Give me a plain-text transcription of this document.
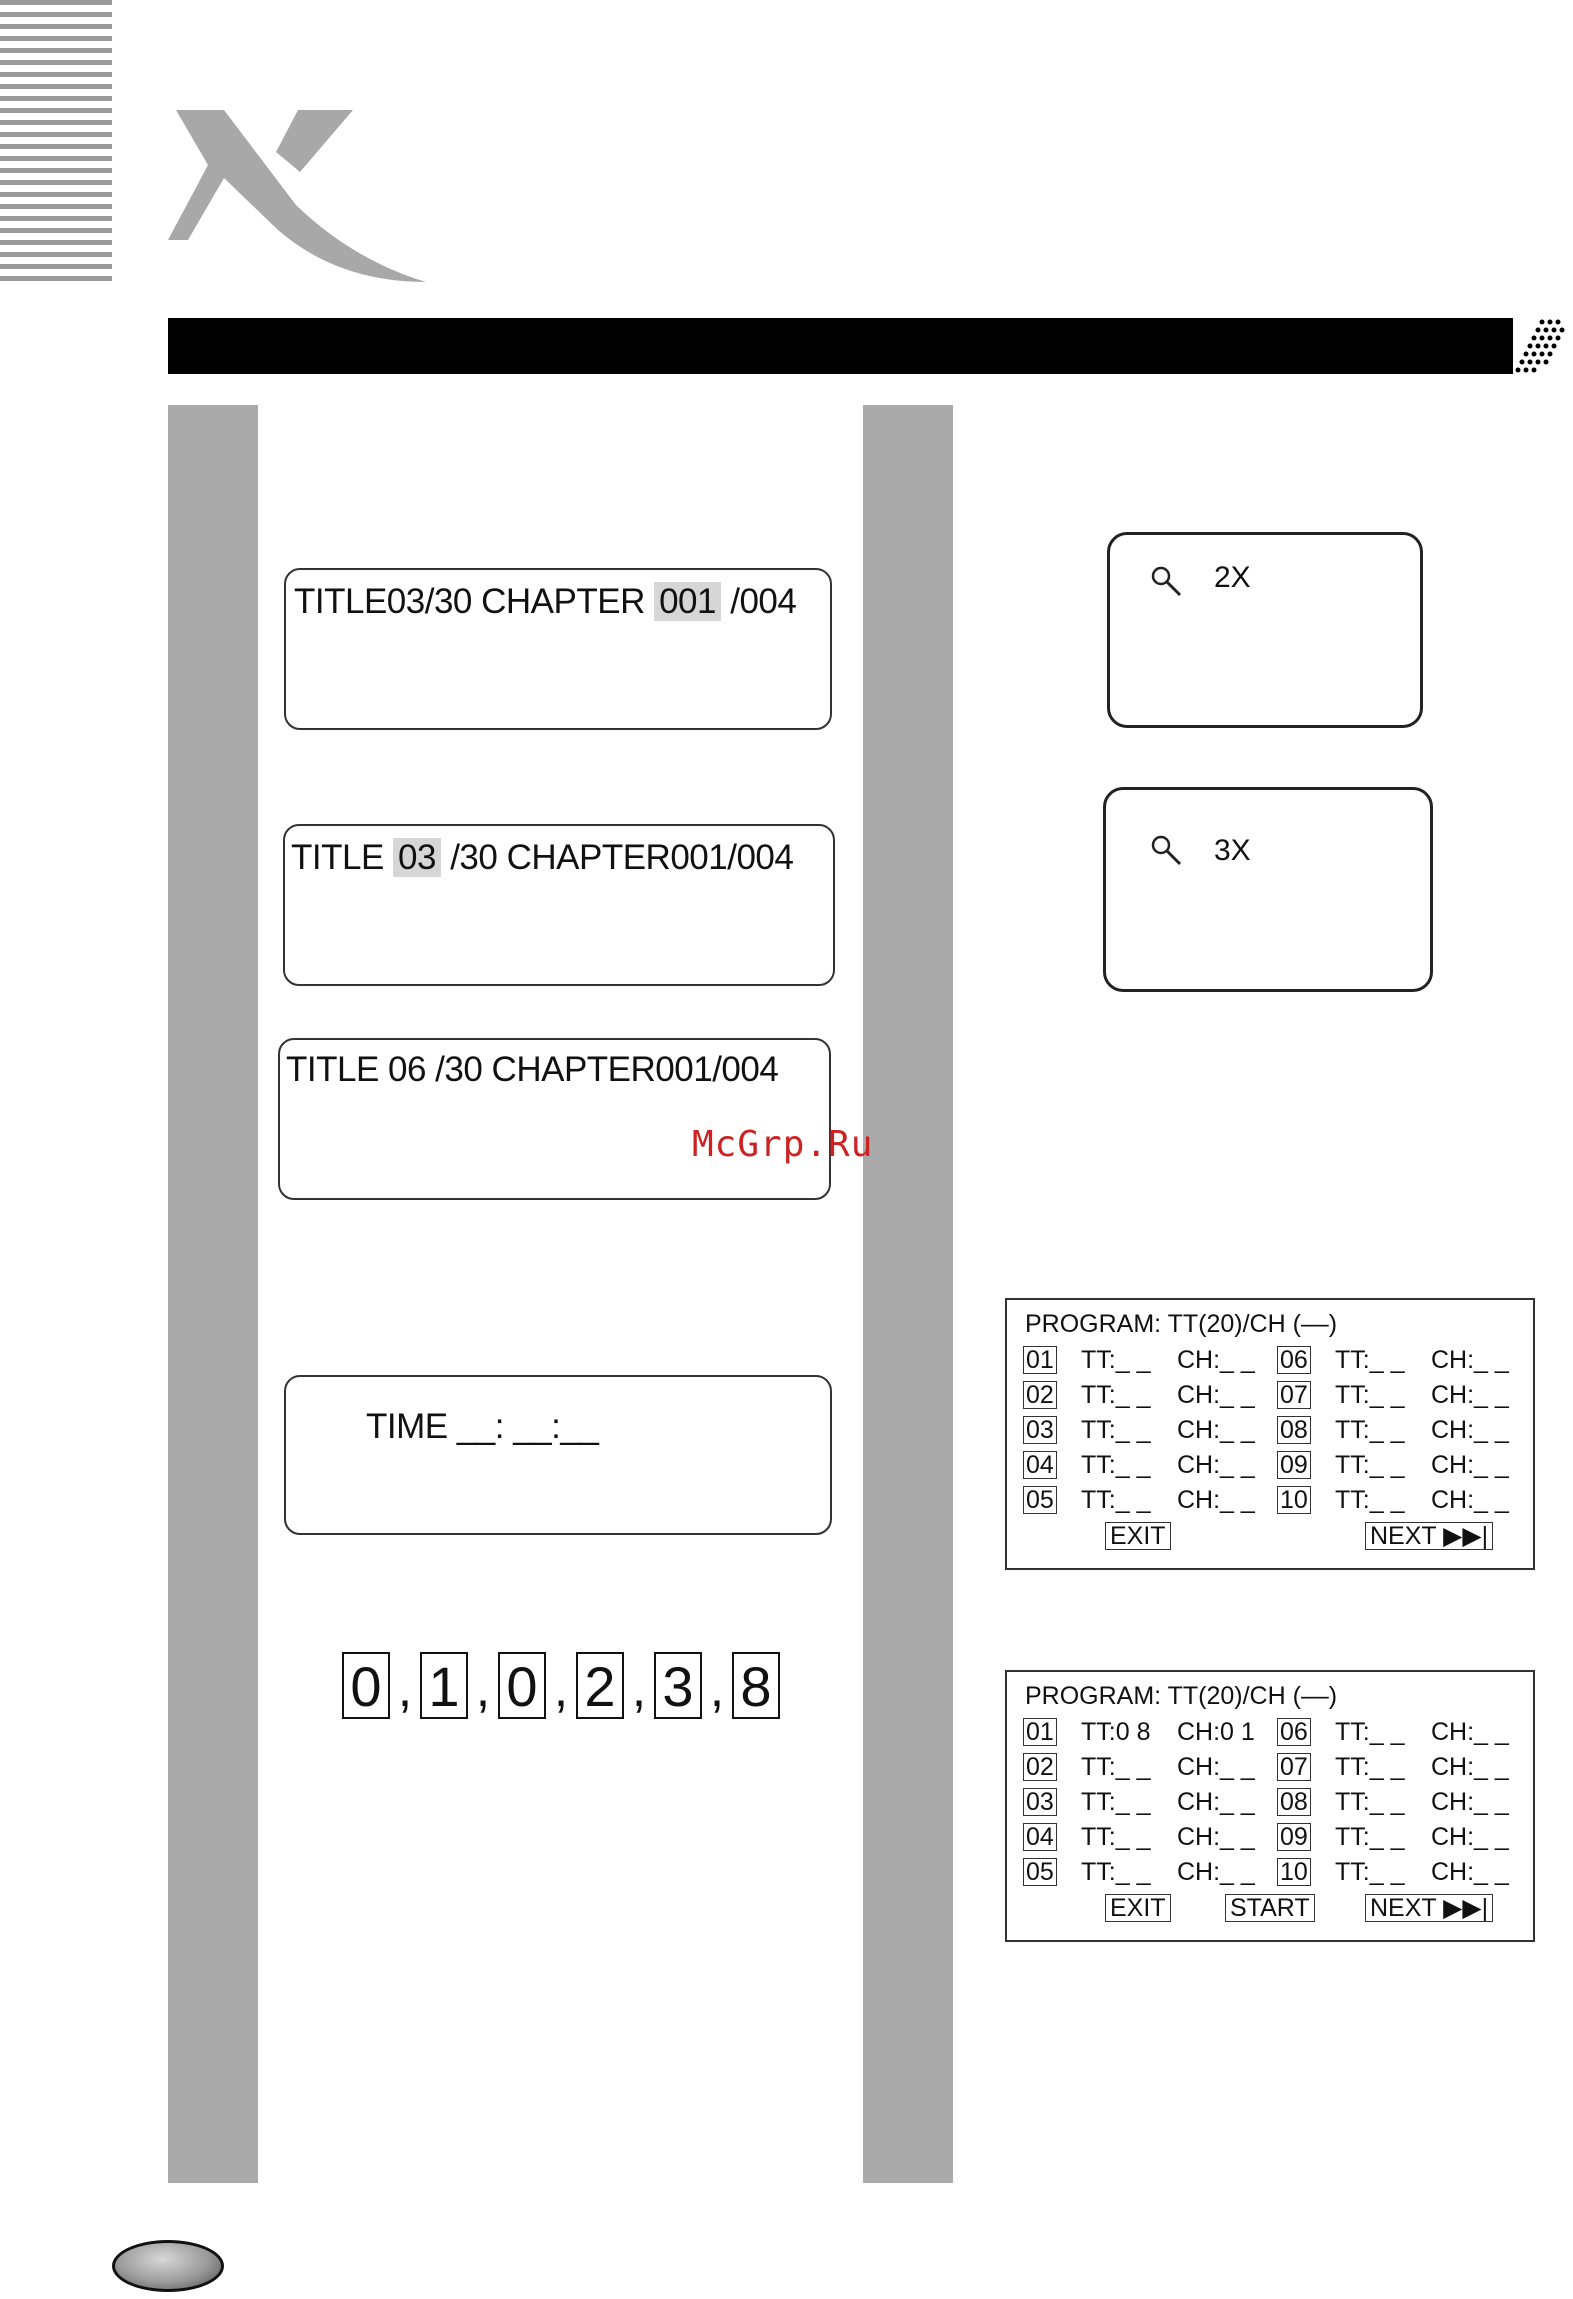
TITLE03/30 CHAPTER 001 /004
TITLE 03 /30 CHAPTER001/004
TITLE 06 /30 CHAPTER001/004
TIME __: __:__
0 , 1 , 0 , 2 , 3 , 8
2X
3X
McGrp.Ru
PROGRAM: TT(20)/CH (––)
01 TT:_ _ CH:_ _ 06 TT:_ _ CH:_ _
02 TT:_ _ CH:_ _ 07 TT:_ _ CH:_ _
03 TT:_ _ CH:_ _ 08 TT:_ _ CH:_ _
04 TT:_ _ CH:_ _ 09 TT:_ _ CH:_ _
05 TT:_ _ CH:_ _ 10 TT:_ _ CH:_ _
EXIT	NEXT ▶▶|
PROGRAM: TT(20)/CH (––)
01 TT:0 8 CH:0 1 06 TT:_ _ CH:_ _
02 TT:_ _ CH:_ _ 07 TT:_ _ CH:_ _
03 TT:_ _ CH:_ _ 08 TT:_ _ CH:_ _
04 TT:_ _ CH:_ _ 09 TT:_ _ CH:_ _
05 TT:_ _ CH:_ _ 10 TT:_ _ CH:_ _
EXIT	START NEXT ▶▶|
